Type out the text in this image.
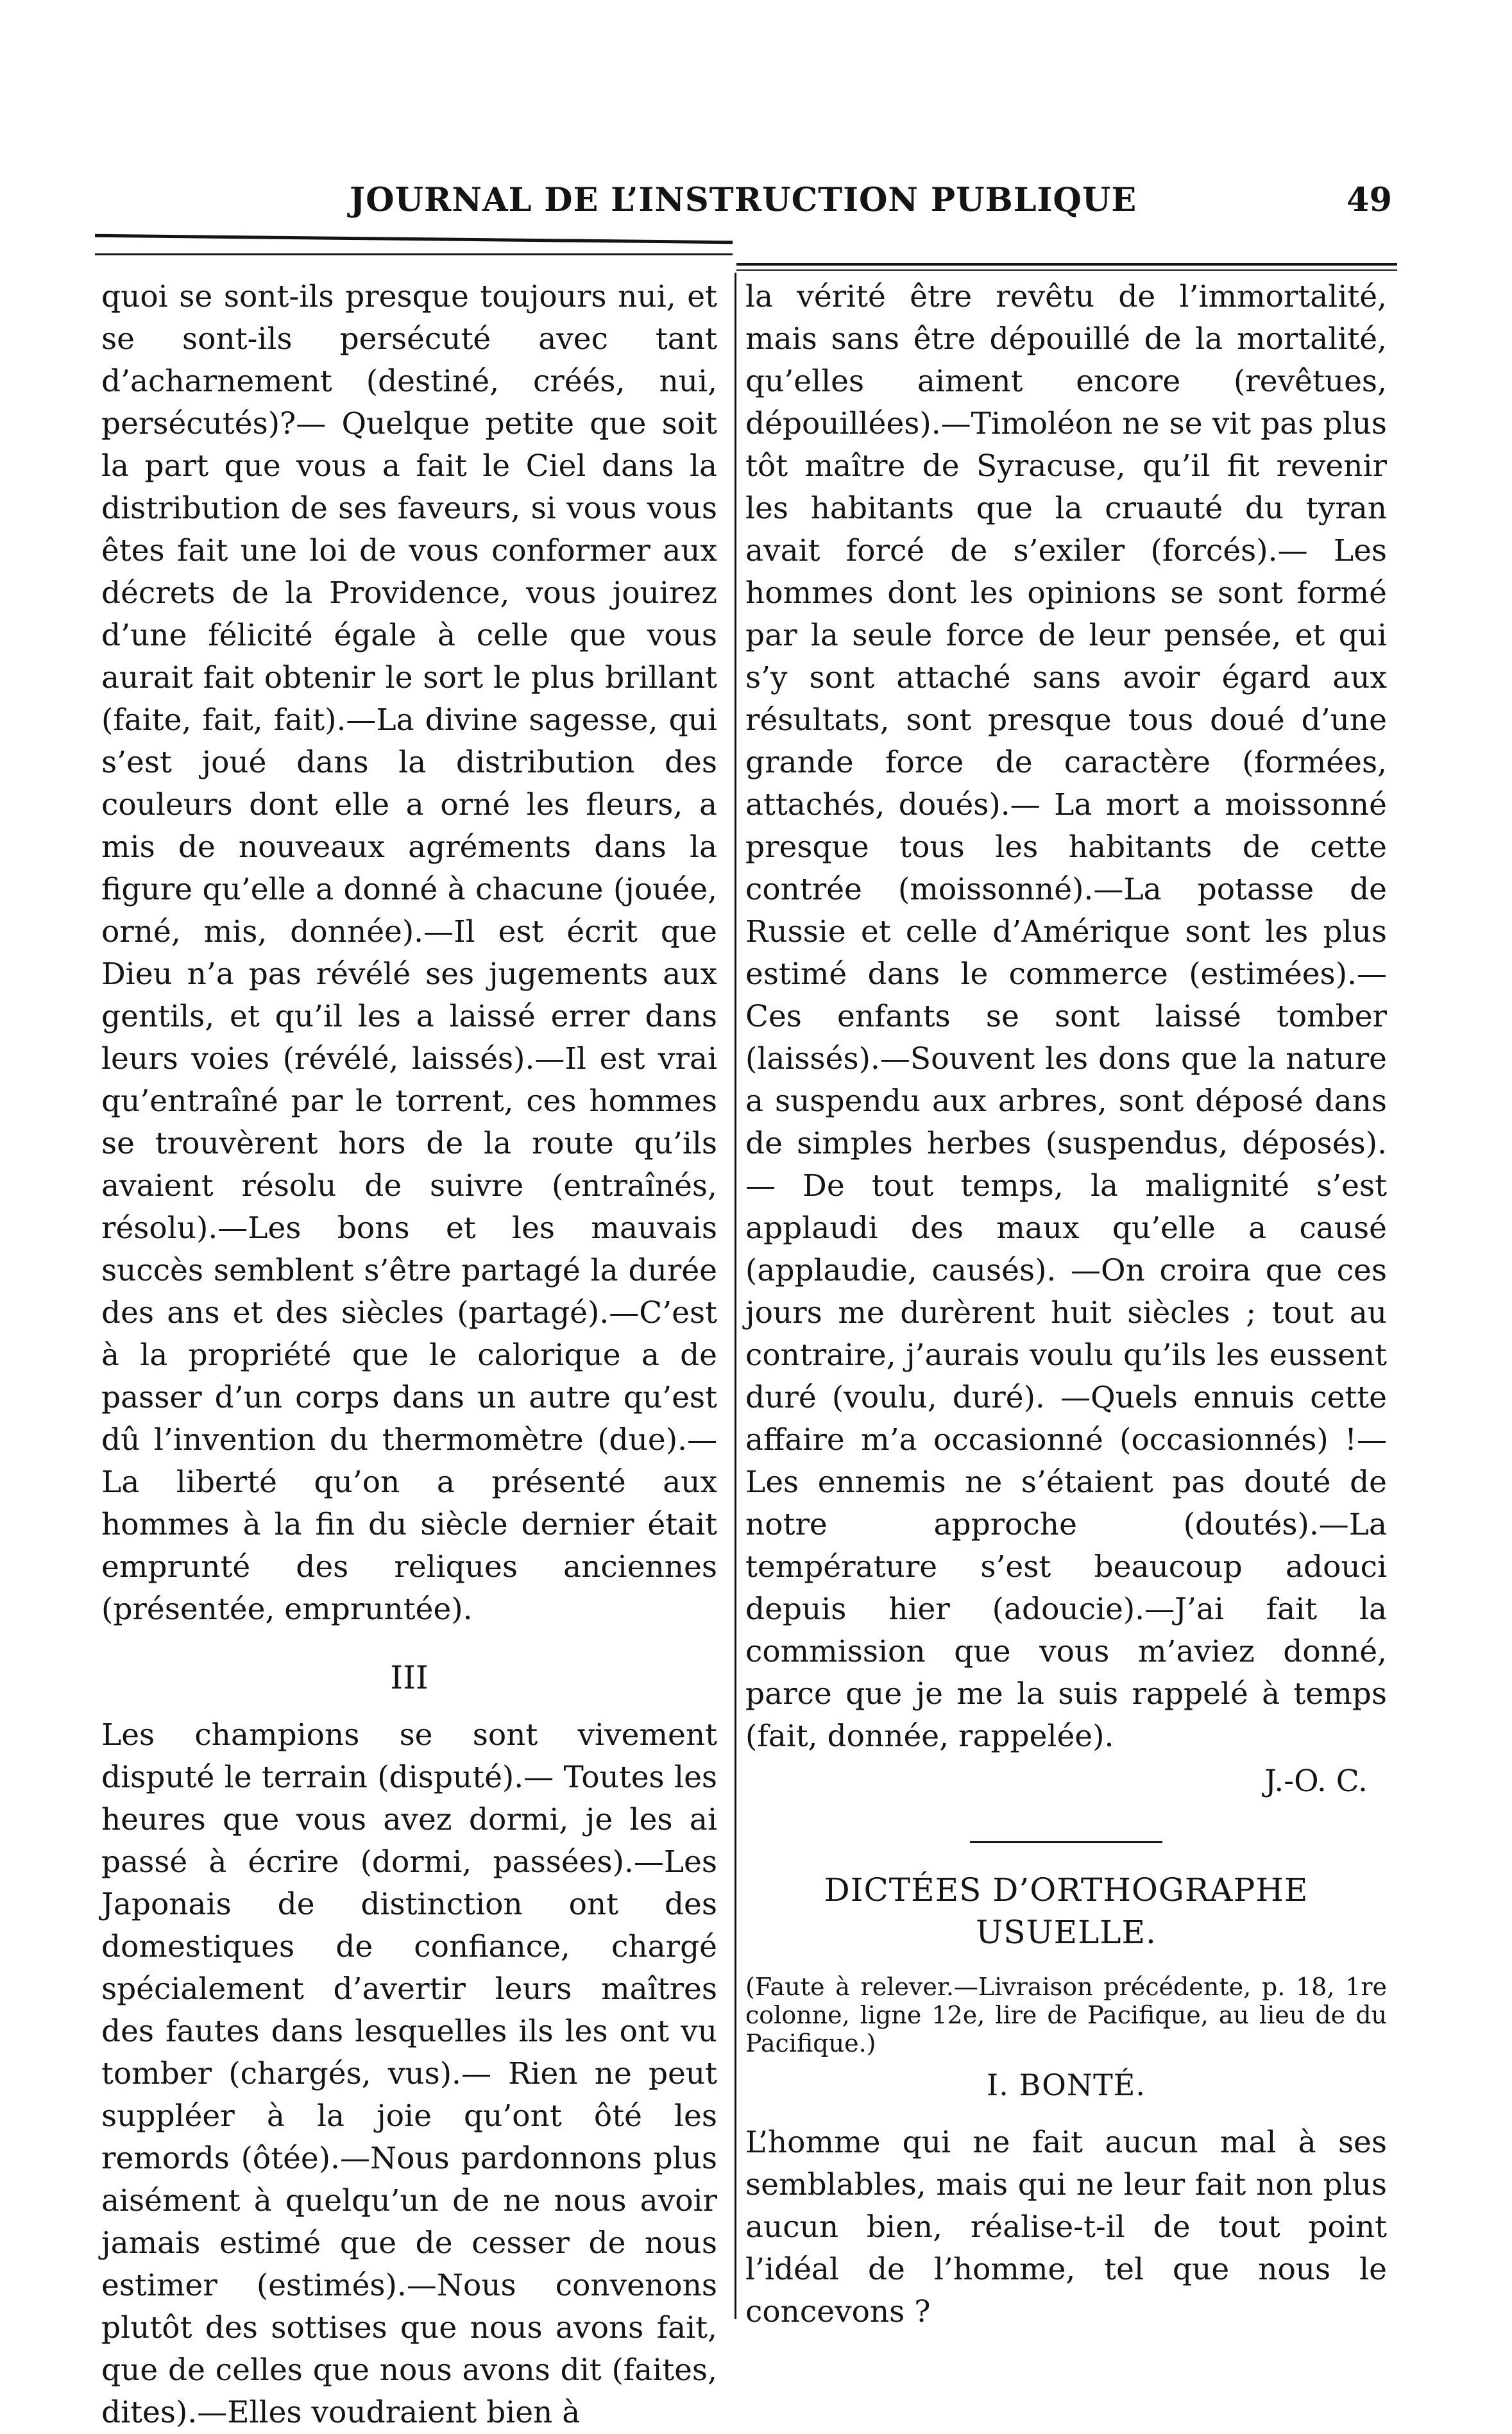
JOURNAL DE L’INSTRUCTION PUBLIQUE	49

quoi se sont-ils presque toujours nui, et se sont-ils persécuté avec tant d’acharnement (destiné, créés, nui, persécutés)?— Quelque petite que soit la part que vous a fait le Ciel dans la distribution de ses faveurs, si vous vous êtes fait une loi de vous conformer aux décrets de la Providence, vous jouirez d’une félicité égale à celle que vous aurait fait obtenir le sort le plus brillant (faite, fait, fait).—La divine sagesse, qui s’est joué dans la distribution des couleurs dont elle a orné les fleurs, a mis de nouveaux agréments dans la figure qu’elle a donné à chacune (jouée, orné, mis, donnée).—Il est écrit que Dieu n’a pas révélé ses jugements aux gentils, et qu’il les a laissé errer dans leurs voies (révélé, laissés).—Il est vrai qu’entraîné par le torrent, ces hommes se trouvèrent hors de la route qu’ils avaient résolu de suivre (entraînés, résolu).—Les bons et les mauvais succès semblent s’être partagé la durée des ans et des siècles (partagé).—C’est à la propriété que le calorique a de passer d’un corps dans un autre qu’est dû l’invention du thermomètre (due).—La liberté qu’on a présenté aux hommes à la fin du siècle dernier était emprunté des reliques anciennes (présentée, empruntée).

III

Les champions se sont vivement disputé le terrain (disputé).— Toutes les heures que vous avez dormi, je les ai passé à écrire (dormi, passées).—Les Japonais de distinction ont des domestiques de confiance, chargé spécialement d’avertir leurs maîtres des fautes dans lesquelles ils les ont vu tomber (chargés, vus).— Rien ne peut suppléer à la joie qu’ont ôté les remords (ôtée).—Nous pardonnons plus aisément à quelqu’un de ne nous avoir jamais estimé que de cesser de nous estimer (estimés).—Nous convenons plutôt des sottises que nous avons fait, que de celles que nous avons dit (faites, dites).—Elles voudraient bien à

la vérité être revêtu de l’immortalité, mais sans être dépouillé de la mortalité, qu’elles aiment encore (revêtues, dépouillées).—Timoléon ne se vit pas plus tôt maître de Syracuse, qu’il fit revenir les habitants que la cruauté du tyran avait forcé de s’exiler (forcés).— Les hommes dont les opinions se sont formé par la seule force de leur pensée, et qui s’y sont attaché sans avoir égard aux résultats, sont presque tous doué d’une grande force de caractère (formées, attachés, doués).— La mort a moissonné presque tous les habitants de cette contrée (moissonné).—La potasse de Russie et celle d’Amérique sont les plus estimé dans le commerce (estimées).—Ces enfants se sont laissé tomber (laissés).—Souvent les dons que la nature a suspendu aux arbres, sont déposé dans de simples herbes (suspendus, déposés).— De tout temps, la malignité s’est applaudi des maux qu’elle a causé (applaudie, causés). —On croira que ces jours me durèrent huit siècles ; tout au contraire, j’aurais voulu qu’ils les eussent duré (voulu, duré). —Quels ennuis cette affaire m’a occasionné (occasionnés) !—Les ennemis ne s’étaient pas douté de notre approche (doutés).—La température s’est beaucoup adouci depuis hier (adoucie).—J’ai fait la commission que vous m’aviez donné, parce que je me la suis rappelé à temps (fait, donnée, rappelée).

J.-O. C.
DICTÉES D’ORTHOGRAPHE
USUELLE.

(Faute à relever.—Livraison précédente, p. 18, 1re colonne, ligne 12e, lire de Pacifique, au lieu de du Pacifique.)

I. BONTÉ.

L’homme qui ne fait aucun mal à ses semblables, mais qui ne leur fait non plus aucun bien, réalise-t-il de tout point l’idéal de l’homme, tel que nous le concevons ?
